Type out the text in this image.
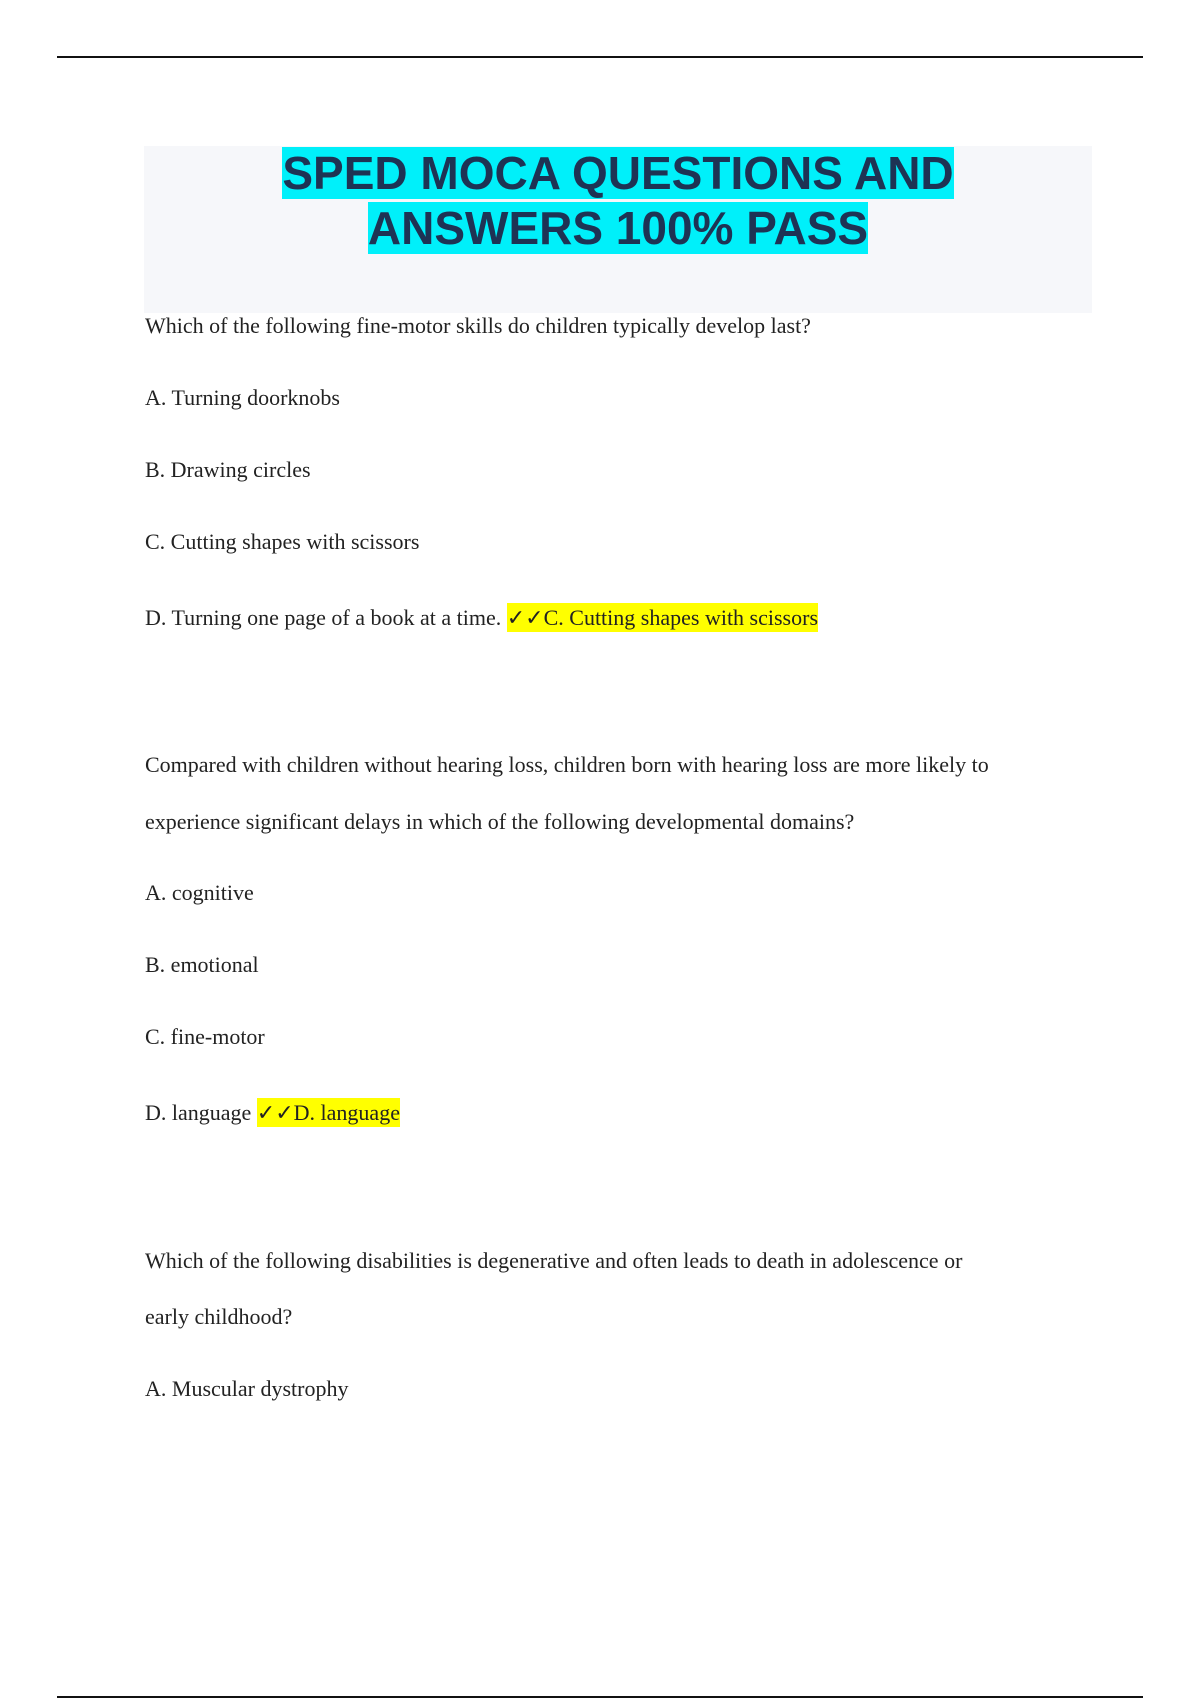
SPED MOCA QUESTIONS AND
ANSWERS 100% PASS

Which of the following fine-motor skills do children typically develop last?

A. Turning doorknobs

B. Drawing circles

C. Cutting shapes with scissors

D. Turning one page of a book at a time. ✓✓C. Cutting shapes with scissors

Compared with children without hearing loss, children born with hearing loss are more likely to

experience significant delays in which of the following developmental domains?

A. cognitive

B. emotional

C. fine-motor

D. language ✓✓D. language

Which of the following disabilities is degenerative and often leads to death in adolescence or

early childhood?

A. Muscular dystrophy
